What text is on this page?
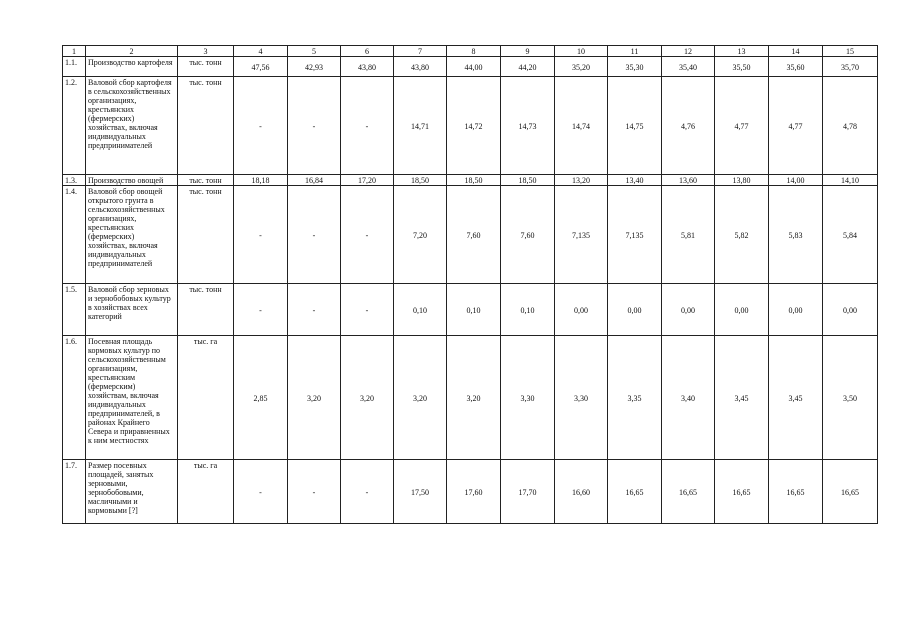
1	2	3	4	5	6	7	8	9	10	11	12	13	14	15
1.1.	Производство картофеля	тыс. тонн	47,56	42,93	43,80	43,80	44,00	44,20	35,20	35,30	35,40	35,50	35,60	35,70
1.2.	Валовой сбор картофеля в сельскохозяйственных организациях, крестьянских (фермерских) хозяйствах, включая индивидуальных предпринимателей	тыс. тонн	-	-	-	14,71	14,72	14,73	14,74	14,75	4,76	4,77	4,77	4,78
1.3.	Производство овощей	тыс. тонн	18,18	16,84	17,20	18,50	18,50	18,50	13,20	13,40	13,60	13,80	14,00	14,10
1.4.	Валовой сбор овощей открытого грунта в сельскохозяйственных организациях, крестьянских (фермерских) хозяйствах, включая индивидуальных предпринимателей	тыс. тонн	-	-	-	7,20	7,60	7,60	7,135	7,135	5,81	5,82	5,83	5,84
1.5.	Валовой сбор зерновых и зернобобовых культур в хозяйствах всех категорий	тыс. тонн	-	-	-	0,10	0,10	0,10	0,00	0,00	0,00	0,00	0,00	0,00
1.6.	Посевная площадь кормовых культур по сельскохозяйственным организациям, крестьянским (фермерским) хозяйствам, включая индивидуальных предпринимателей, в районах Крайнего Севера и приравненных к ним местностях	тыс. га	2,85	3,20	3,20	3,20	3,20	3,30	3,30	3,35	3,40	3,45	3,45	3,50
1.7.	Размер посевных площадей, занятых зерновыми, зернобобовыми, масличными и кормовыми [?]	тыс. га	-	-	-	17,50	17,60	17,70	16,60	16,65	16,65	16,65	16,65	16,65
